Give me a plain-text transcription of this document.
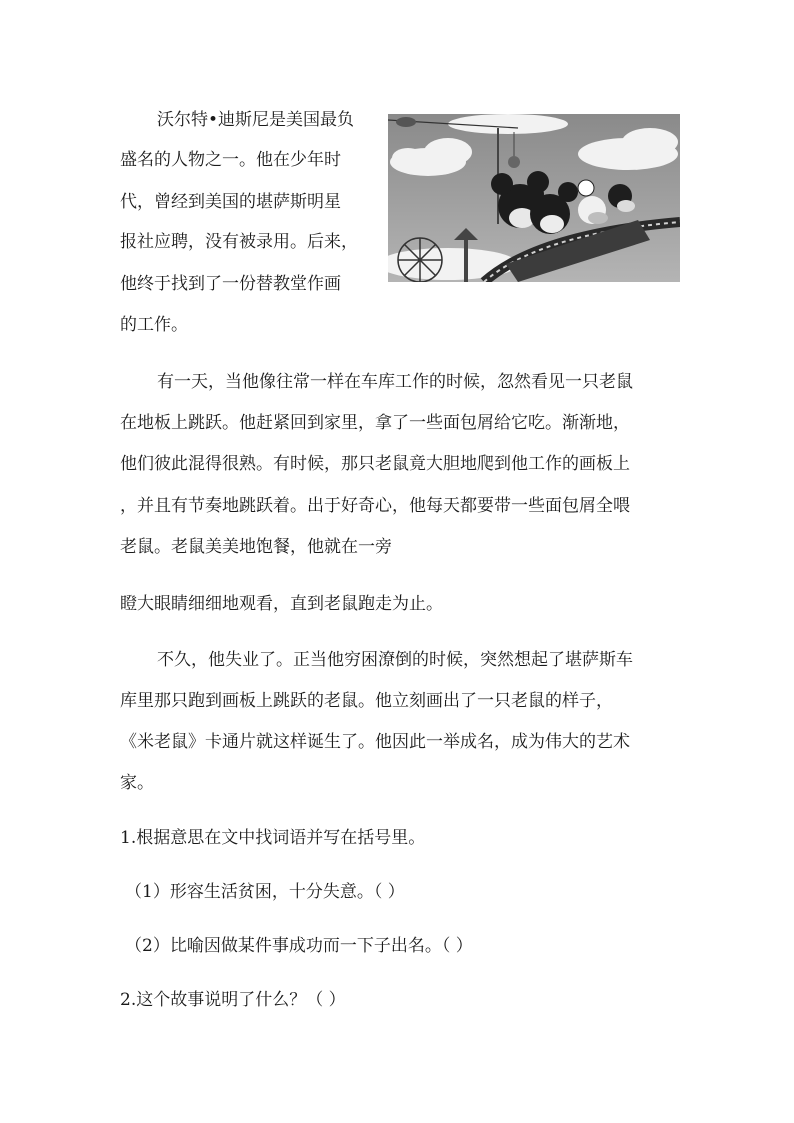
沃尔特•迪斯尼是美国最负

盛名的人物之一。他在少年时

代，曾经到美国的堪萨斯明星

报社应聘，没有被录用。后来，

他终于找到了一份替教堂作画

的工作。

有一天，当他像往常一样在车库工作的时候，忽然看见一只老鼠

在地板上跳跃。他赶紧回到家里，拿了一些面包屑给它吃。渐渐地，

他们彼此混得很熟。有时候，那只老鼠竟大胆地爬到他工作的画板上

，并且有节奏地跳跃着。出于好奇心，他每天都要带一些面包屑全喂

老鼠。老鼠美美地饱餐，他就在一旁

瞪大眼睛细细地观看，直到老鼠跑走为止。

不久，他失业了。正当他穷困潦倒的时候，突然想起了堪萨斯车

库里那只跑到画板上跳跃的老鼠。他立刻画出了一只老鼠的样子，

《米老鼠》卡通片就这样诞生了。他因此一举成名，成为伟大的艺术

家。

1.根据意思在文中找词语并写在括号里。

（1）形容生活贫困，十分失意。（ ）

（2）比喻因做某件事成功而一下子出名。（ ）

2.这个故事说明了什么？（ ）
